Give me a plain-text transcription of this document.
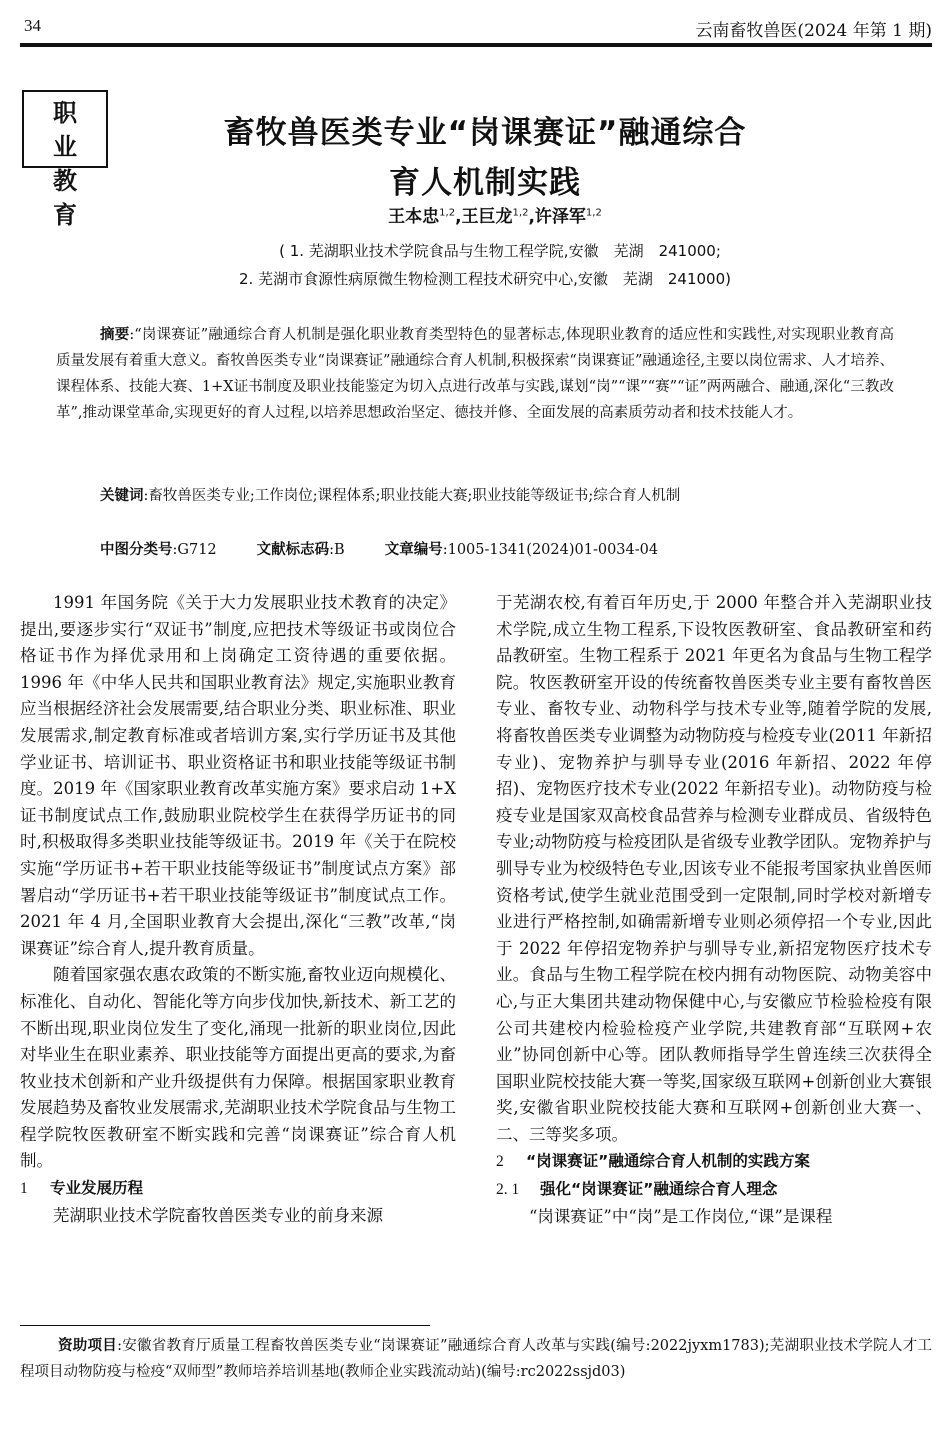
34	云南畜牧兽医(2024 年第 1 期)
职 业
教 育
畜牧兽医类专业“岗课赛证”融通综合
育人机制实践
王本忠$^{1,2}$,王巨龙$^{1,2}$,许泽军$^{1,2}$
( 1. 芜湖职业技术学院食品与生物工程学院,安徽　芜湖　241000;
2. 芜湖市食源性病原微生物检测工程技术研究中心,安徽　芜湖　241000)
摘要:“岗课赛证”融通综合育人机制是强化职业教育类型特色的显著标志,体现职业教育的适应性和实践性,对实现职业教育高质量发展有着重大意义。畜牧兽医类专业“岗课赛证”融通综合育人机制,积极探索“岗课赛证”融通途径,主要以岗位需求、人才培养、课程体系、技能大赛、1+X证书制度及职业技能鉴定为切入点进行改革与实践,谋划“岗”“课”“赛”“证”两两融合、融通,深化“三教改革”,推动课堂革命,实现更好的育人过程,以培养思想政治坚定、德技并修、全面发展的高素质劳动者和技术技能人才。
关键词:畜牧兽医类专业;工作岗位;课程体系;职业技能大赛;职业技能等级证书;综合育人机制
中图分类号:G712	文献标志码:B	文章编号:1005-1341(2024)01-0034-04

1991 年国务院《关于大力发展职业技术教育的决定》提出,要逐步实行“双证书”制度,应把技术等级证书或岗位合格证书作为择优录用和上岗确定工资待遇的重要依据。1996 年《中华人民共和国职业教育法》规定,实施职业教育应当根据经济社会发展需要,结合职业分类、职业标准、职业发展需求,制定教育标准或者培训方案,实行学历证书及其他学业证书、培训证书、职业资格证书和职业技能等级证书制度。2019 年《国家职业教育改革实施方案》要求启动 1+X 证书制度试点工作,鼓励职业院校学生在获得学历证书的同时,积极取得多类职业技能等级证书。2019 年《关于在院校实施“学历证书+若干职业技能等级证书”制度试点方案》部署启动“学历证书+若干职业技能等级证书”制度试点工作。2021 年 4 月,全国职业教育大会提出,深化“三教”改革,“岗课赛证”综合育人,提升教育质量。

随着国家强农惠农政策的不断实施,畜牧业迈向规模化、标准化、自动化、智能化等方向步伐加快,新技术、新工艺的不断出现,职业岗位发生了变化,涌现一批新的职业岗位,因此对毕业生在职业素养、职业技能等方面提出更高的要求,为畜牧业技术创新和产业升级提供有力保障。根据国家职业教育发展趋势及畜牧业发展需求,芜湖职业技术学院食品与生物工程学院牧医教研室不断实践和完善“岗课赛证”综合育人机制。

1 专业发展历程

芜湖职业技术学院畜牧兽医类专业的前身来源

于芜湖农校,有着百年历史,于 2000 年整合并入芜湖职业技术学院,成立生物工程系,下设牧医教研室、食品教研室和药品教研室。生物工程系于 2021 年更名为食品与生物工程学院。牧医教研室开设的传统畜牧兽医类专业主要有畜牧兽医专业、畜牧专业、动物科学与技术专业等,随着学院的发展,将畜牧兽医类专业调整为动物防疫与检疫专业(2011 年新招专业)、宠物养护与驯导专业(2016 年新招、2022 年停招)、宠物医疗技术专业(2022 年新招专业)。动物防疫与检疫专业是国家双高校食品营养与检测专业群成员、省级特色专业;动物防疫与检疫团队是省级专业教学团队。宠物养护与驯导专业为校级特色专业,因该专业不能报考国家执业兽医师资格考试,使学生就业范围受到一定限制,同时学校对新增专业进行严格控制,如确需新增专业则必须停招一个专业,因此于 2022 年停招宠物养护与驯导专业,新招宠物医疗技术专业。食品与生物工程学院在校内拥有动物医院、动物美容中心,与正大集团共建动物保健中心,与安徽应节检验检疫有限公司共建校内检验检疫产业学院,共建教育部“互联网+农业”协同创新中心等。团队教师指导学生曾连续三次获得全国职业院校技能大赛一等奖,国家级互联网+创新创业大赛银奖,安徽省职业院校技能大赛和互联网+创新创业大赛一、二、三等奖多项。

2 “岗课赛证”融通综合育人机制的实践方案

2. 1 强化“岗课赛证”融通综合育人理念

“岗课赛证”中“岗”是工作岗位,“课”是课程

资助项目:安徽省教育厅质量工程畜牧兽医类专业“岗课赛证”融通综合育人改革与实践(编号:2022jyxm1783);芜湖职业技术学院人才工程项目动物防疫与检疫“双师型”教师培养培训基地(教师企业实践流动站)(编号:rc2022ssjd03)
